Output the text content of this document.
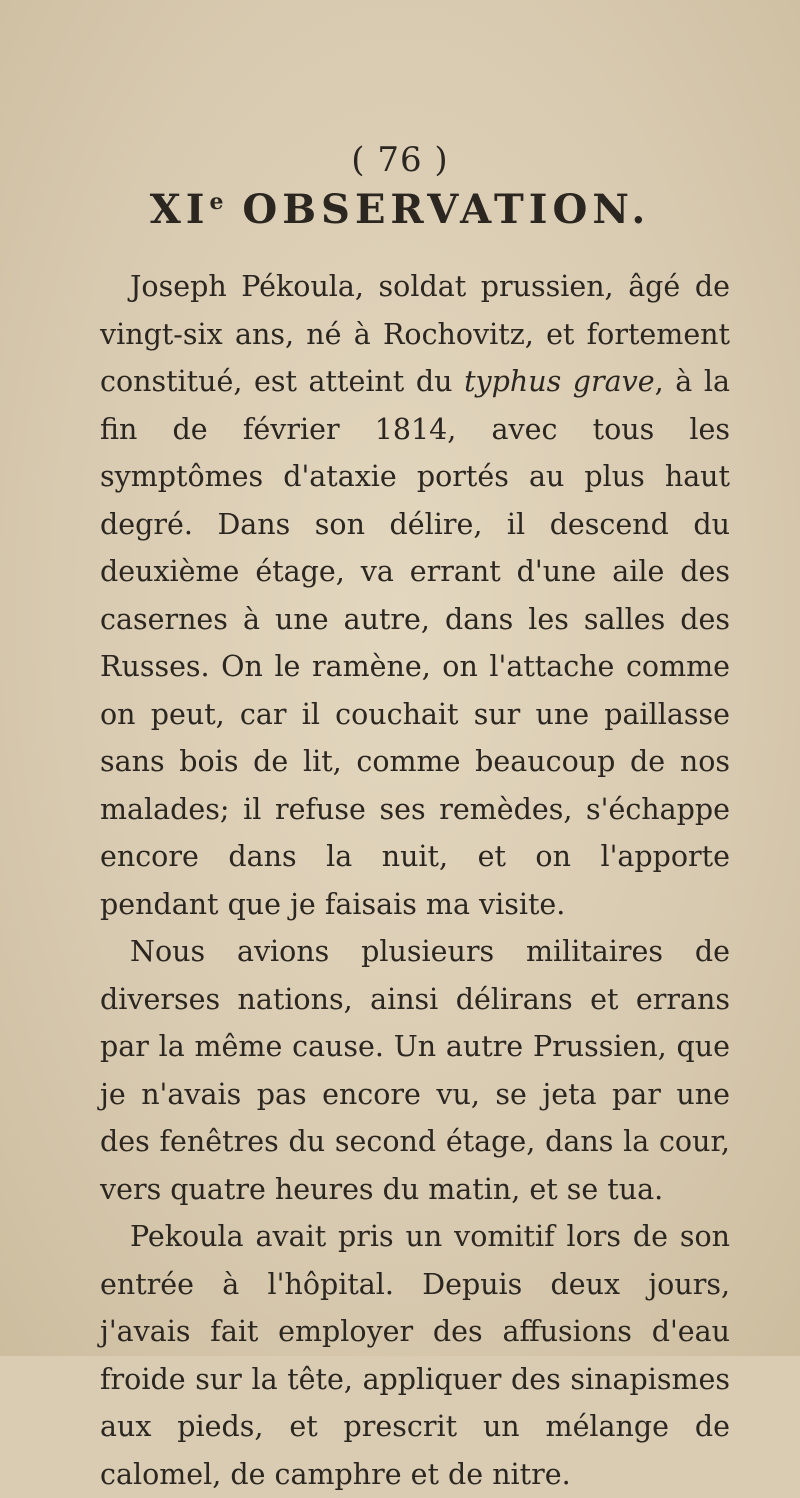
( 76 )
XIe OBSERVATION.

Joseph Pékoula, soldat prussien, âgé de vingt-six ans, né à Rochovitz, et fortement constitué, est atteint du typhus grave, à la fin de février 1814, avec tous les symptômes d'ataxie portés au plus haut degré. Dans son délire, il descend du deuxième étage, va errant d'une aile des casernes à une autre, dans les salles des Russes. On le ramène, on l'attache comme on peut, car il couchait sur une paillasse sans bois de lit, comme beaucoup de nos malades; il refuse ses remèdes, s'échappe encore dans la nuit, et on l'apporte pendant que je faisais ma visite.

Nous avions plusieurs militaires de diverses nations, ainsi délirans et errans par la même cause. Un autre Prussien, que je n'avais pas encore vu, se jeta par une des fenêtres du second étage, dans la cour, vers quatre heures du matin, et se tua.

Pekoula avait pris un vomitif lors de son entrée à l'hôpital. Depuis deux jours, j'avais fait employer des affusions d'eau froide sur la tête, appliquer des sinapismes aux pieds, et prescrit un mélange de calomel, de camphre et de nitre.
